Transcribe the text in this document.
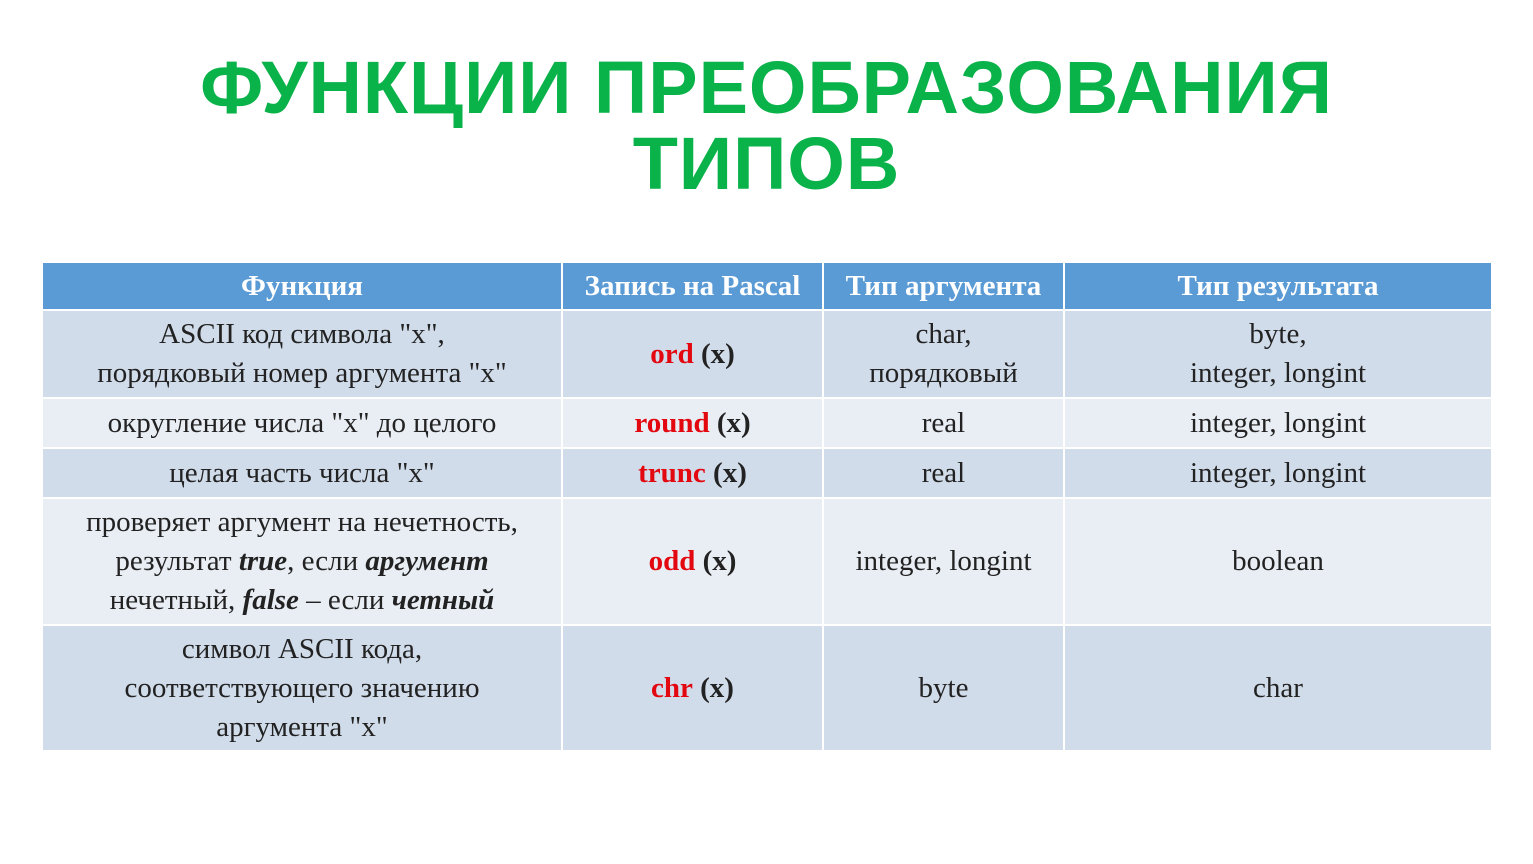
ФУНКЦИИ ПРЕОБРАЗОВАНИЯ
ТИПОВ
Функция	Запись на Pascal	Тип аргумента	Тип результата

ASCII код символа "x",
порядковый номер аргумента "x"	ord (x)	char,
порядковый	byte,
integer, longint

округление числа "x" до целого	round (x)	real	integer, longint
целая часть числа "x"	trunc (x)	real	integer, longint

проверяет аргумент на нечетность,
результат true, если аргумент
нечетный, false – если четный	odd (x)	integer, longint	boolean

символ ASCII кода,
соответствующего значению
аргумента "x"	chr (x)	byte	char
